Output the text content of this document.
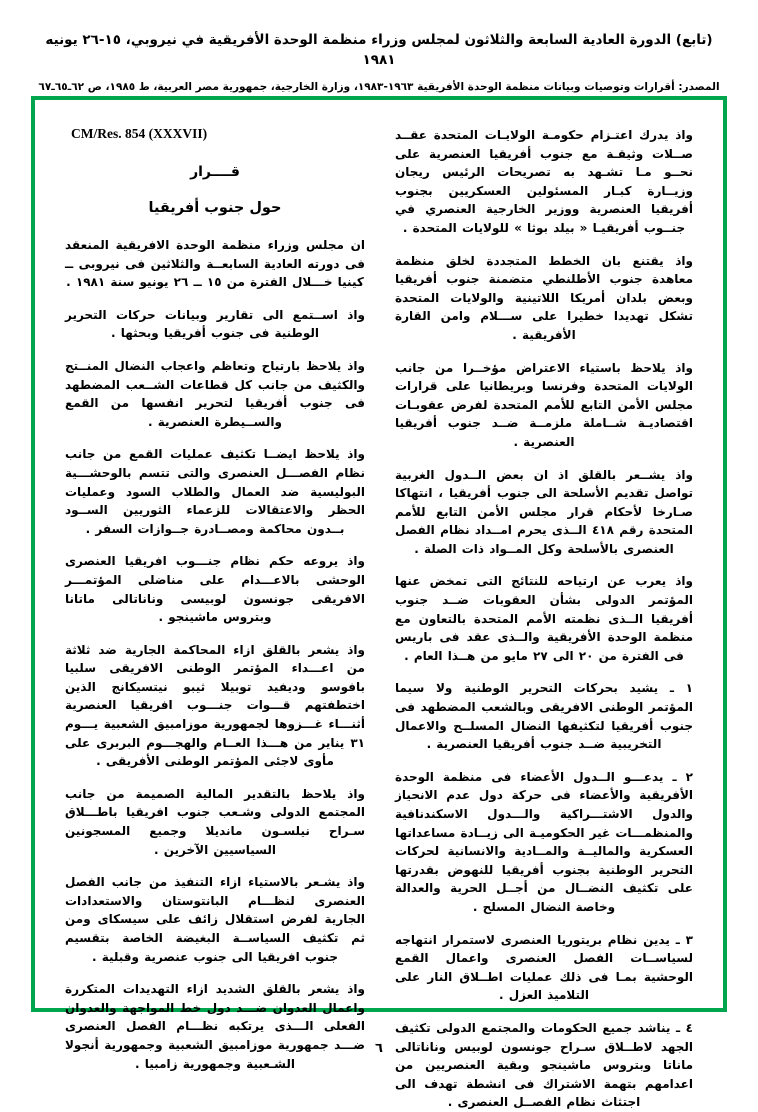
(تابع) الدورة العادية السابعة والثلاثون لمجلس وزراء منظمة الوحدة الأفريقية في نيروبي، ١٥-٢٦ يونيه ١٩٨١
المصدر: أقرارات وتوصيات وبيانات منظمة الوحدة الأفريقية ١٩٦٣-١٩٨٣، وزارة الخارجية، جمهورية مصر العربية، ط ١٩٨٥، ص ٦٢ـ٦٥ـ٦٧

واذ يدرك اعتـزام حكومـة الولايـات المتحدة عقــد صــلات وثيقـة مع جنوب أفريقيا العنصرية على نحــو مـا تشـهد به تصريحات الرئيس ريجان وزيــارة كبـار المسئولين العسكريين بجنوب أفريقيا العنصرية ووزير الخارجية العنصري في جنــوب أفريقيـا « بيلد بوثا » للولايات المتحدة .

واذ يقتنع بان الخطط المتجددة لخلق منظمة معاهدة جنوب الأطلنطي متضمنة جنوب أفريقيا وبعض بلدان أمريكا اللاتينية والولايات المتحدة تشكل تهديدا خطيرا على ســـلام وامن القارة الأفريقية .

واذ يلاحظ باستياء الاعتراض مؤخــرا من جانب الولايات المتحدة وفرنسا وبريطانيا على قرارات مجلس الأمن التابع للأمم المتحدة لفرض عقوبـات اقتصاديـة شــاملة ملزمــة ضــد جنوب أفريقيا العنصرية .

واذ يشــعر بالقلق اذ ان بعض الــدول الغربية تواصل تقديم الأسلحة الى جنوب أفريقيا ، انتهاكا صـارخا لأحكام قرار مجلس الأمن التابع للأمم المتحدة رقم ٤١٨ الــذى يحرم امــداد نظام الفصل العنصرى بالأسلحة وكل المــواد ذات الصلة .

واذ يعرب عن ارتياحه للنتائج التى تمخض عنها المؤتمر الدولى بشأن العقوبات ضــد جنوب أفريقيا الــذى نظمته الأمم المتحدة بالتعاون مع منظمة الوحدة الأفريقية والــذى عقد فى باريس فى الفترة من ٢٠ الى ٢٧ مايو من هــذا العام .

١ ـ يشيد بحركات التحرير الوطنية ولا سيما المؤتمر الوطنى الافريقى وبالشعب المضطهد فى جنوب أفريقيا لتكثيفها النضال المسلــح والاعمال التخريبية ضــد جنوب أفريقيا العنصرية .

٢ ـ يدعـــو الــدول الأعضاء فى منظمة الوحدة الأفريقية والأعضاء فى حركة دول عدم الانحياز والدول الاشتـــراكية والـــدول الاسكندنافية والمنظمـــات غير الحكوميـة الى زيــادة مساعداتها العسكرية والماليــة والمــادية والانسانية لحركات التحرير الوطنية بجنوب أفريقيا للنهوض بقدرتها على تكثيف النضــال من أجــل الحرية والعدالة وخاصة النضال المسلح .

٣ ـ يدين نظام بريتوريا العنصرى لاستمرار انتهاجه لسياســات الفصل العنصرى واعمال القمع الوحشية بمـا فى ذلك عمليات اطــلاق النار على التلاميذ العزل .

٤ ـ يناشد جميع الحكومات والمجتمع الدولى تكثيف الجهد لاطــلاق سـراح جونسون لوبيس وناناتالى ماناتا وبتروس ماشينجو وبقية العنصريين من اعدامهم بتهمة الاشتراك فى انشطة تهدف الى اجتثاث نظام الفصــل العنصرى .

CM/Res. 854 (XXXVII)
قــــرار
حول جنوب أفريقيا

ان مجلس وزراء منظمة الوحدة الافريقية المنعقد فى دورته العادية السابعــة والثلاثين فى نيروبى ــ كينيا خـــلال الفترة من ١٥ ــ ٢٦ يونيو سنة ١٩٨١ .

واذ اســتمع الى تقارير وبيانات حركات التحرير الوطنية فى جنوب أفريقيا وبحثها .

واذ يلاحظ بارتياح وتعاظم واعجاب النضال المنــتج والكثيف من جانب كل قطاعات الشــعب المضطهد فى جنوب أفريقيا لتحرير انفسها من القمع والســيطرة العنصرية .

واذ يلاحظ ايضــا تكثيف عمليات القمع من جانب نظام الفصـــل العنصرى والتى تتسم بالوحشـــية البوليسية ضد العمال والطلاب السود وعمليات الحظر والاعتقالات للزعماء الثوريين الســود بــدون محاكمة ومصــادرة جــوازات السفر .

واذ يروعه حكم نظام جنـــوب افريقيا العنصرى الوحشى بالاعـــدام على مناضلى المؤتمـــر الافريقى جونسون لوبيسى وناناتالى ماتانا وبتروس ماشينجو .

واذ يشعر بالقلق ازاء المحاكمة الجارية ضد ثلاثة من اعـــداء المؤتمر الوطنى الافريقى سلبيا بافوسو وديفيد توبيلا ثيبو نيتسيكانج الذين اختطفتهم قـــوات جنـــوب افريقيا العنصرية أثنـــاء غـــزوها لجمهورية موزامبيق الشعبية يـــوم ٣١ يناير من هـــذا العــام والهجـــوم البربرى على مأوى لاجئى المؤتمر الوطنى الأفريقى .

واذ يلاحظ بالتقدير المالية الصميمة من جانب المجتمع الدولى وشـعب جنوب افريقيا باطـــلاق سـراح نيلسـون مانديلا وجميع المسجونين السياسيين الآخرين .

واذ يشـعر بالاستياء ازاء التنفيذ من جانب الفصل العنصرى لنظـــام البانتوستان والاستعدادات الجارية لفرض استقلال زائف على سيسكاى ومن ثم تكثيف السياســة البغيضة الخاصة بتقسيم جنوب افريقيا الى جنوب عنصرية وقبلية .

واذ يشعر بالقلق الشديد ازاء التهديدات المتكررة واعمال العدوان ضـــد دول خط المواجهة والعدوان الفعلى الـــذى يرتكبه نظـــام الفصل العنصرى ضـــد جمهورية موزامبيق الشعبية وجمهورية أنجولا الشـعبية وجمهورية زامبيا .

٦
